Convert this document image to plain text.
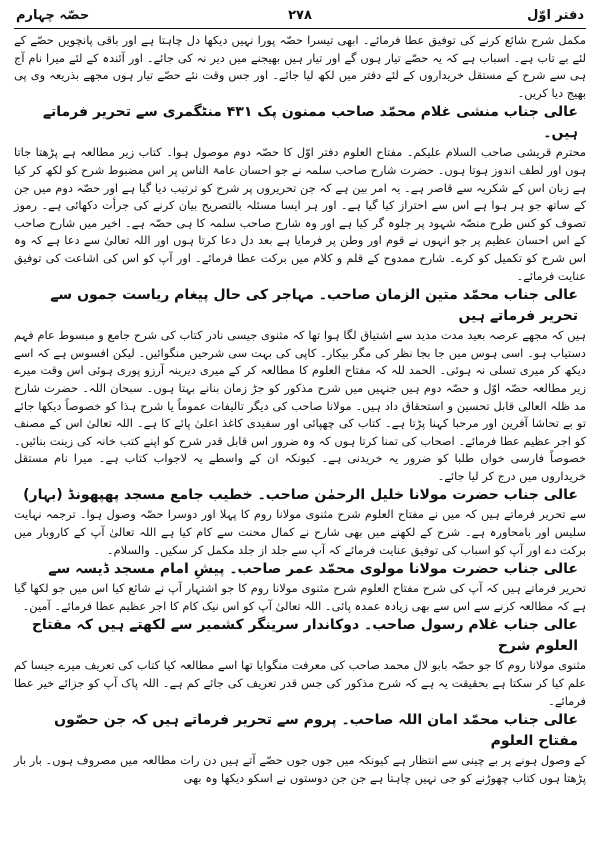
دفتر اوّل
۲۷۸
حصّہ چہارم

مکمل شرح شائع کرنے کی توفیق عطا فرمائے۔ ابھی تیسرا حصّہ پورا نہیں دیکھا دل چاہتا ہے اور باقی پانچویں حصّے کے لئے بے تاب ہے۔ اسباب ہے کہ یہ حصّے تیار ہوں گے اور تیار ہیں بھیجنے میں دیر نہ کی جائے۔ اور آئندہ کے لئے میرا نام آج ہی سے شرح کے مستقل خریداروں کے لئے دفتر میں لکھ لیا جائے۔ اور جس وقت نئے حصّے تیار ہوں مجھے بذریعہ وی پی بھیج دیا کریں۔

عالی جناب منشی غلام محمّد صاحب ممنون پک ۴۳۱ منٹگمری سے تحریر فرماتے ہیں۔

محترم قریشی صاحب السلام علیکم۔ مفتاح العلوم دفتر اوّل کا حصّہ دوم موصول ہوا۔ کتاب زیر مطالعہ ہے پڑھتا جاتا ہوں اور لطف اندوز ہوتا ہوں۔ حضرت شارح صاحب سلمہ نے جو احسان عامۃ الناس پر اس مضبوط شرح کو لکھ کر کیا ہے زبان اس کے شکریہ سے قاصر ہے۔ یہ امر بین ہے کہ جن تحریروں پر شرح کو ترتیب دیا گیا ہے اور حصّہ دوم میں جن کے ساتھ جو ہر ہوا ہے اس سے احتراز کیا گیا ہے۔ اور ہر ایسا مسئلہ بالتصریح بیان کرنے کی جرأت دکھائی ہے۔ رموز تصوف کو کس طرح منصّہ شہود پر جلوہ گر کیا ہے اور وہ شارح صاحب سلمہ کا ہی حصّہ ہے۔ اخیر میں شارح صاحب کے اس احسان عظیم پر جو انہوں نے قوم اور وطن پر فرمایا ہے بعد دل دعا کرتا ہوں اور اللہ تعالیٰ سے دعا ہے کہ وہ اس شرح کو تکمیل کو کرے۔ شارح ممدوح کے قلم و کلام میں برکت عطا فرمائے۔ اور آپ کو اس کی اشاعت کی توفیق عنایت فرمائے۔

عالی جناب محمّد متین الزمان صاحب۔ مہاجر کی حال پیغام ریاست جموں سے تحریر فرماتے ہیں

ہیں کہ مجھے عرصہ بعید مدت مدید سے اشتیاق لگا ہوا تھا کہ مثنوی جیسی نادر کتاب کی شرح جامع و مبسوط عام فہم دستیاب ہو۔ اسی ہوس میں جا بجا نظر کی مگر بیکار۔ کاپی کی بہت سی شرحیں منگوائیں۔ لیکن افسوس ہے کہ اسے دیکھ کر میری تسلی نہ ہوئی۔ الحمد للہ کہ مفتاح العلوم کا مطالعہ کر کے میری دیرینہ آرزو پوری ہوئی اس وقت میرے زیر مطالعہ حصّہ اوّل و حصّہ دوم ہیں جنہیں میں شرح مذکور کو جڑ زمان بنانے بہتا ہوں۔ سبحان اللہ۔ حضرت شارح مد ظلہ العالی قابل تحسین و استحقاق داد ہیں۔ مولانا صاحب کی دیگر تالیفات عموماً یا شرح ہذا کو خصوصاً دیکھا جائے تو بے تحاشا آفرین اور مرحبا کہنا پڑتا ہے۔ کتاب کی چھپائی اور سفیدی کاغذ اعلیٰ پائے کا ہے۔ اللہ تعالیٰ اس کے مصنف کو اجر عظیم عطا فرمائے۔ اصحاب کی تمنا کرتا ہوں کہ وہ ضرور اس قابل قدر شرح کو اپنے کتب خانہ کی زینت بنائیں۔ خصوصاً فارسی خواں طلبا کو ضرور یہ خریدنی ہے۔ کیونکہ ان کے واسطے یہ لاجواب کتاب ہے۔ میرا نام مستقل خریداروں میں درج کر لیا جائے۔

عالی جناب حضرت مولانا خلیل الرحمٰن صاحب۔ خطیب جامع مسجد پھپھونڈ (بہار)

سے تحریر فرماتے ہیں کہ میں نے مفتاح العلوم شرح مثنوی مولانا روم کا پہلا اور دوسرا حصّہ وصول ہوا۔ ترجمہ نہایت سلیس اور بامحاورہ ہے۔ شرح کے لکھنے میں بھی شارح نے کمال محنت سے کام کیا ہے اللہ تعالیٰ آپ کے کاروبار میں برکت دے اور آپ کو اسباب کی توفیق عنایت فرمائے کہ آپ سے جلد از جلد مکمل کر سکیں۔ والسلام۔

عالی جناب حضرت مولانا مولوی محمّد عمر صاحب۔ پیشِ امام مسجد ڈیسہ سے

تحریر فرماتے ہیں کہ آپ کی شرح مفتاح العلوم شرح مثنوی مولانا روم کا جو اشتہار آپ نے شائع کیا اس میں جو لکھا گیا ہے کہ مطالعہ کرنے سے اس سے بھی زیادہ عمدہ پائی۔ اللہ تعالیٰ آپ کو اس نیک کام کا اجر عظیم عطا فرمائے۔ آمین۔

عالی جناب غلام رسول صاحب۔ دوکاندار سرینگر کشمیر سے لکھتے ہیں کہ مفتاح العلوم شرح

مثنوی مولانا روم کا جو حصّہ بابو لال محمد صاحب کی معرفت منگوایا تھا اسے مطالعہ کیا کتاب کی تعریف میرے جیسا کم علم کیا کر سکتا ہے بحقیقت یہ ہے کہ شرح مذکور کی جس قدر تعریف کی جائے کم ہے۔ اللہ پاک آپ کو جزائے خیر عطا فرمائے۔

عالی جناب محمّد امان اللہ صاحب۔ پروم سے تحریر فرماتے ہیں کہ جن حصّوں مفتاح العلوم

کے وصول ہونے پر بے چینی سے انتظار ہے کیونکہ میں جوں جوں حصّے آتے ہیں دن رات مطالعہ میں مصروف ہوں۔ بار بار پڑھتا ہوں کتاب چھوڑنے کو جی نہیں چاہتا ہے جن جن دوستوں نے اسکو دیکھا وہ بھی
